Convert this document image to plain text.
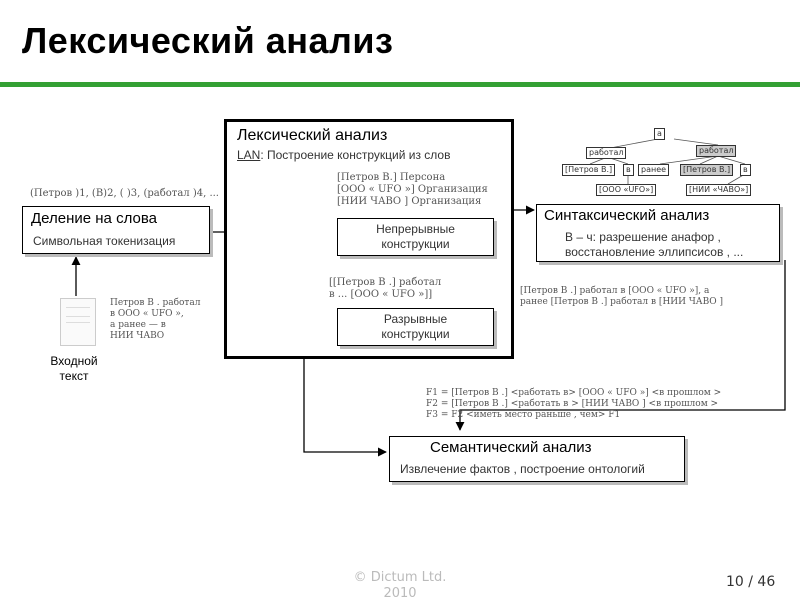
Лексический анализ
(Петров )1, (В)2, ( )3, (работал )4, ...
Деление на слова
Символьная токенизация
Петров В . работал
в ООО « UFO »,
а ранее — в
НИИ ЧАВО
Входной
текст
Лексический анализ
LAN: Построение конструкций из слов
[Петров В.] Персона
[ООО « UFO »] Организация
[НИИ ЧАВО ] Организация
Непрерывные конструкции
[[Петров В .] работал
в ... [ООО « UFO »]]
Разрывные конструкции
а
работал	работал
[Петров В.]	в	ранее	[Петров В.]	в
[ООО «UFO»]	[НИИ «ЧАВО»]
Синтаксический анализ
В – ч: разрешение анафор ,
восстановление эллипсисов , ...
[Петров В .] работал в [ООО « UFO »], а
ранее [Петров В .] работал в [НИИ ЧАВО ]
F1 = [Петров В .] <работать в> [ООО « UFO »] <в прошлом >
F2 = [Петров В .] <работать в > [НИИ ЧАВО ] <в прошлом >
F3 = F2 <иметь место раньше , чем> F1
Семантический анализ
Извлечение фактов , построение онтологий
© Dictum Ltd.
2010
10 / 46
